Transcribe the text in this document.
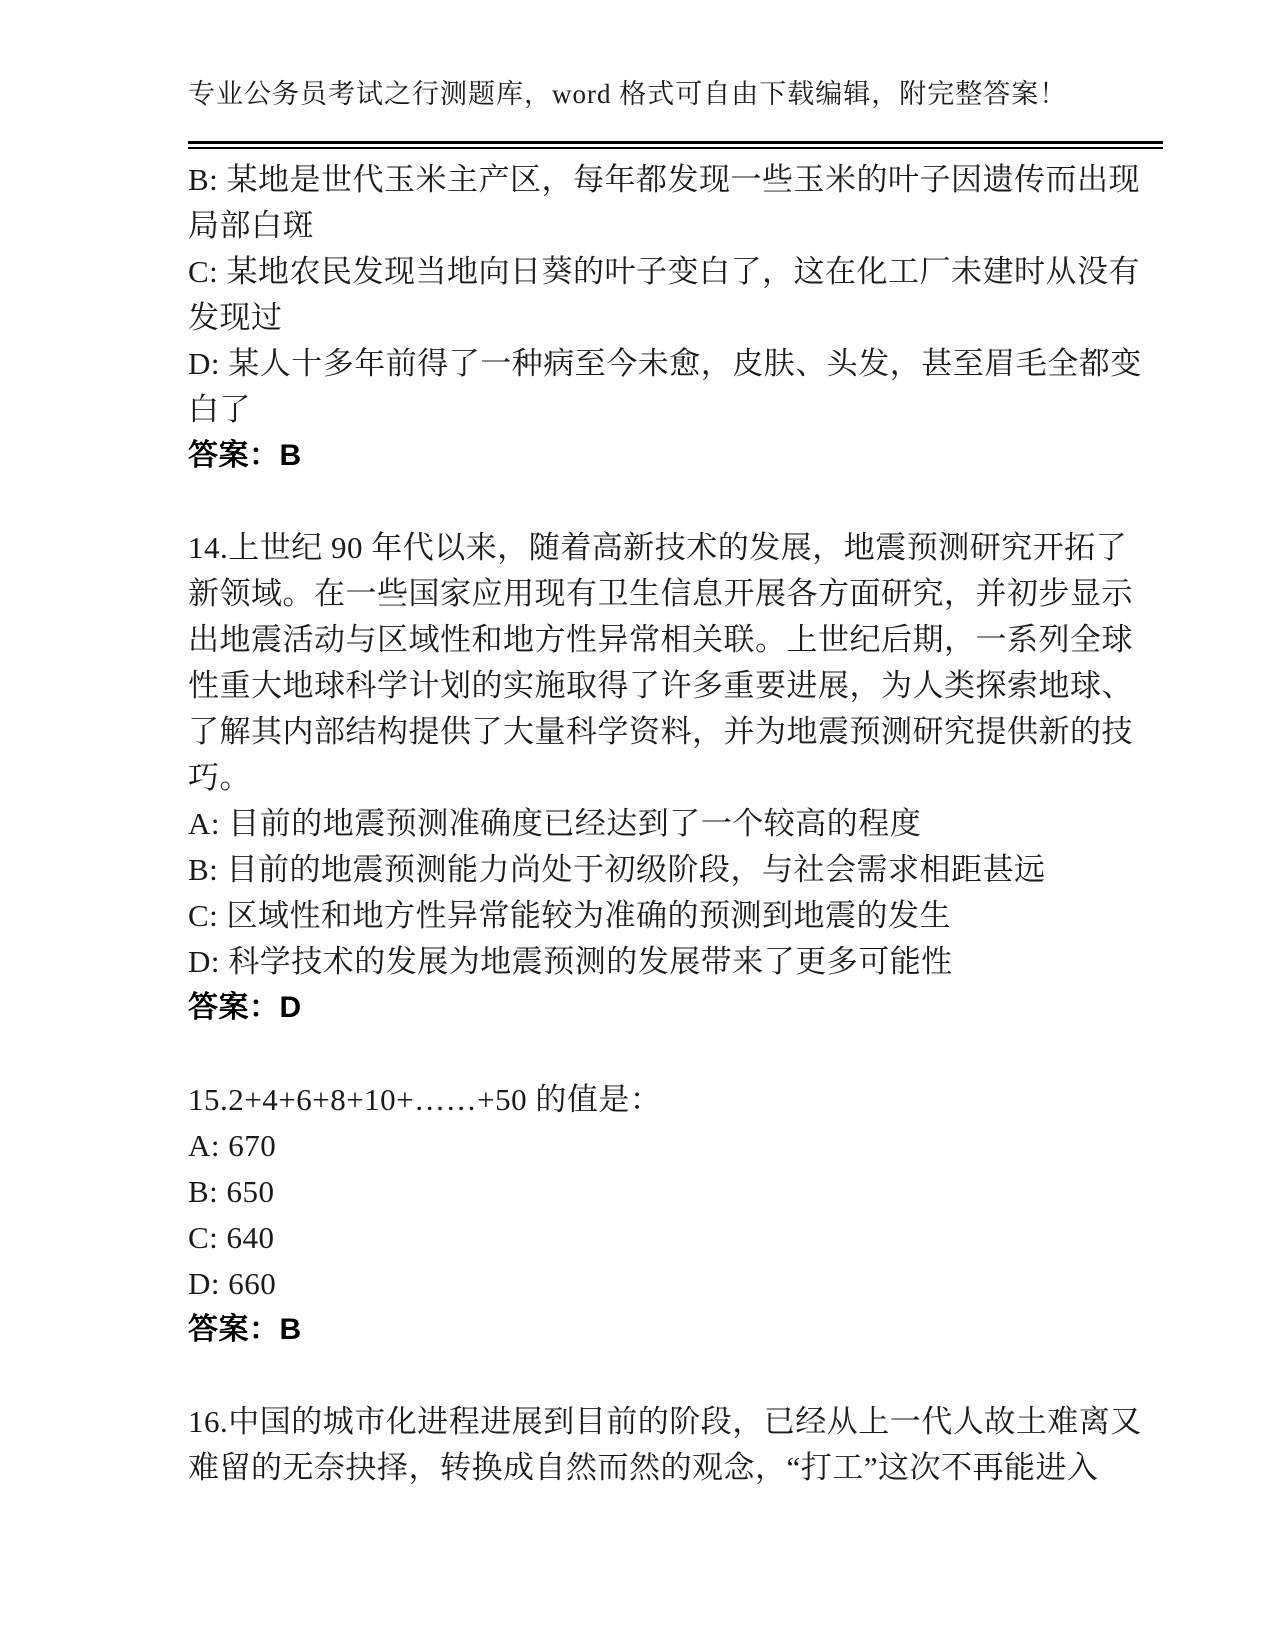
专业公务员考试之行测题库，word 格式可自由下载编辑，附完整答案！
B: 某地是世代玉米主产区，每年都发现一些玉米的叶子因遗传而出现
局部白斑
C: 某地农民发现当地向日葵的叶子变白了，这在化工厂未建时从没有
发现过
D: 某人十多年前得了一种病至今未愈，皮肤、头发，甚至眉毛全都变
白了
答案：B
14.上世纪 90 年代以来，随着高新技术的发展，地震预测研究开拓了
新领域。在一些国家应用现有卫生信息开展各方面研究，并初步显示
出地震活动与区域性和地方性异常相关联。上世纪后期，一系列全球
性重大地球科学计划的实施取得了许多重要进展，为人类探索地球、
了解其内部结构提供了大量科学资料，并为地震预测研究提供新的技
巧。
A: 目前的地震预测准确度已经达到了一个较高的程度
B: 目前的地震预测能力尚处于初级阶段，与社会需求相距甚远
C: 区域性和地方性异常能较为准确的预测到地震的发生
D: 科学技术的发展为地震预测的发展带来了更多可能性
答案：D
15.2+4+6+8+10+……+50 的值是：
A: 670
B: 650
C: 640
D: 660
答案：B
16.中国的城市化进程进展到目前的阶段，已经从上一代人故土难离又
难留的无奈抉择，转换成自然而然的观念，“打工”这次不再能进入
